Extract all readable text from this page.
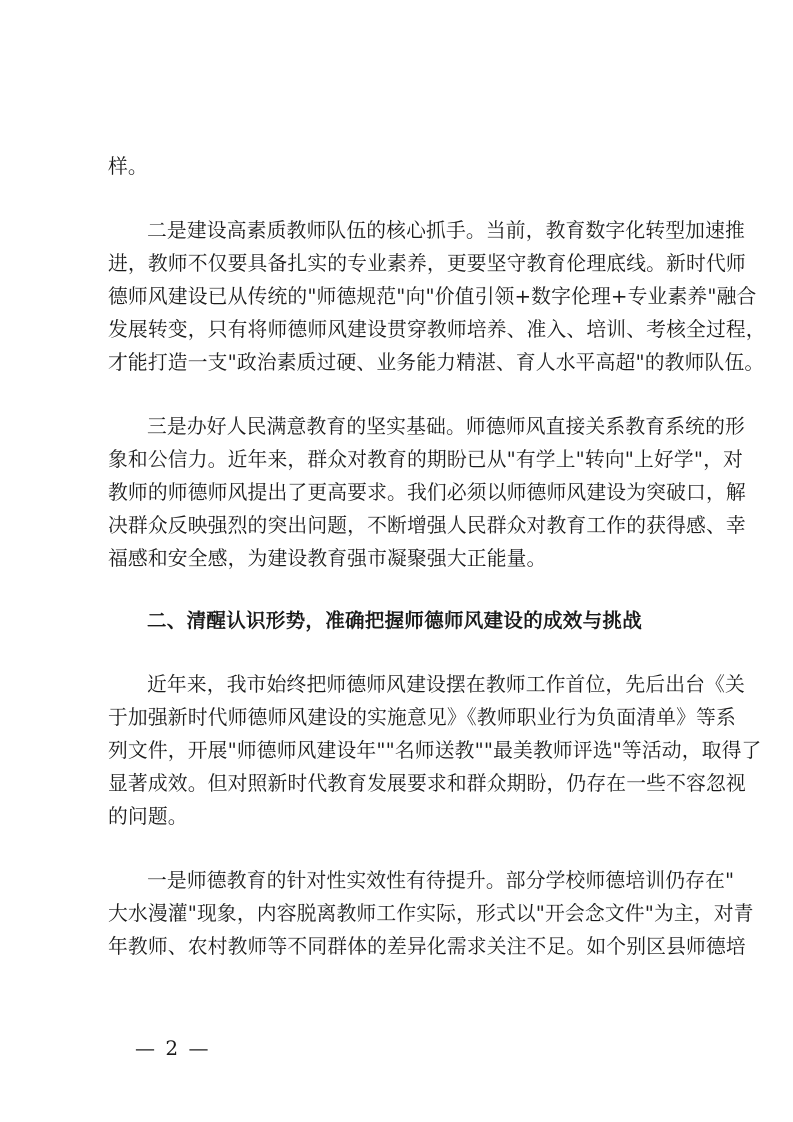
样。
二是建设高素质教师队伍的核心抓手。当前，教育数字化转型加速推
进，教师不仅要具备扎实的专业素养，更要坚守教育伦理底线。新时代师
德师风建设已从传统的"师德规范"向"价值引领+数字伦理+专业素养"融合
发展转变，只有将师德师风建设贯穿教师培养、准入、培训、考核全过程，
才能打造一支"政治素质过硬、业务能力精湛、育人水平高超"的教师队伍。
三是办好人民满意教育的坚实基础。师德师风直接关系教育系统的形
象和公信力。近年来，群众对教育的期盼已从"有学上"转向"上好学"，对
教师的师德师风提出了更高要求。我们必须以师德师风建设为突破口，解
决群众反映强烈的突出问题，不断增强人民群众对教育工作的获得感、幸
福感和安全感，为建设教育强市凝聚强大正能量。
二、清醒认识形势，准确把握师德师风建设的成效与挑战
近年来，我市始终把师德师风建设摆在教师工作首位，先后出台《关
于加强新时代师德师风建设的实施意见》《教师职业行为负面清单》等系
列文件，开展"师德师风建设年""名师送教""最美教师评选"等活动，取得了
显著成效。但对照新时代教育发展要求和群众期盼，仍存在一些不容忽视
的问题。
一是师德教育的针对性实效性有待提升。部分学校师德培训仍存在"
大水漫灌"现象，内容脱离教师工作实际，形式以"开会念文件"为主，对青
年教师、农村教师等不同群体的差异化需求关注不足。如个别区县师德培
— 2 —
